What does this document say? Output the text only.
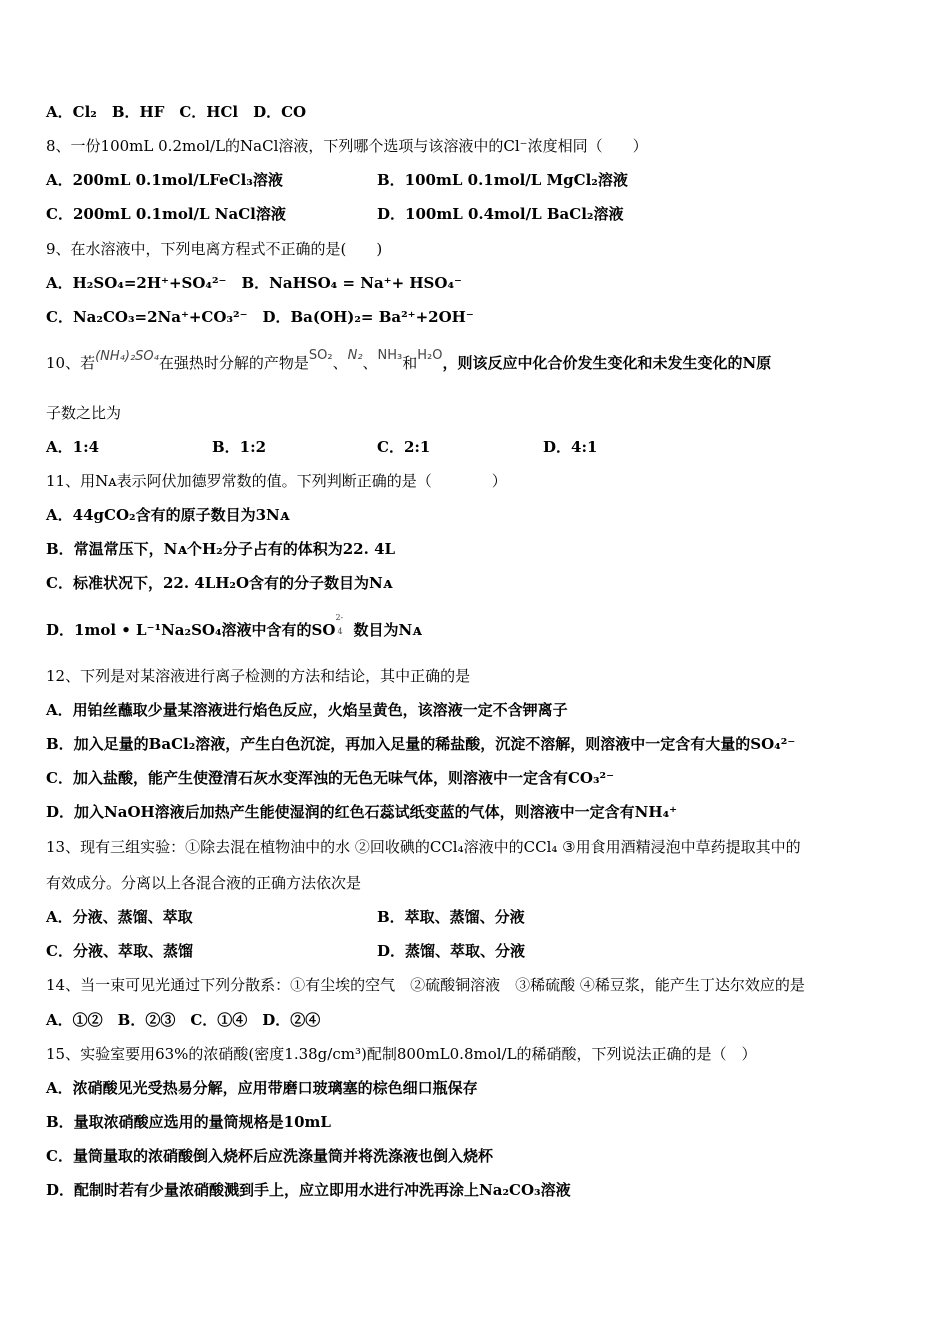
A．Cl₂　B．HF　C．HCl　D．CO
8、一份100mL 0.2mol/L的NaCl溶液，下列哪个选项与该溶液中的Cl⁻浓度相同（　　）
A．200mL 0.1mol/LFeCl₃溶液	B．100mL 0.1mol/L MgCl₂溶液
C．200mL 0.1mol/L NaCl溶液	D．100mL 0.4mol/L BaCl₂溶液
9、在水溶液中，下列电离方程式不正确的是(　　)
A．H₂SO₄=2H⁺+SO₄²⁻　B．NaHSO₄ = Na⁺+ HSO₄⁻
C．Na₂CO₃=2Na⁺+CO₃²⁻　D．Ba(OH)₂= Ba²⁺+2OH⁻
10、若(NH₄)₂SO₄在强热时分解的产物是SO₂、N₂、NH₃和H₂O，则该反应中化合价发生变化和未发生变化的N原
子数之比为
A．1:4	B．1:2	C．2:1	D．4:1
11、用Nᴀ表示阿伏加德罗常数的值。下列判断正确的是（　　　　）
A．44gCO₂含有的原子数目为3Nᴀ
B．常温常压下，Nᴀ个H₂分子占有的体积为22. 4L
C．标准状况下，22. 4LH₂O含有的分子数目为Nᴀ
D．1mol • L⁻¹Na₂SO₄溶液中含有的SO
2-
4 数目为Nᴀ
12、下列是对某溶液进行离子检测的方法和结论，其中正确的是
A．用铂丝蘸取少量某溶液进行焰色反应，火焰呈黄色，该溶液一定不含钾离子
B．加入足量的BaCl₂溶液，产生白色沉淀，再加入足量的稀盐酸，沉淀不溶解，则溶液中一定含有大量的SO₄²⁻
C．加入盐酸，能产生使澄清石灰水变浑浊的无色无味气体，则溶液中一定含有CO₃²⁻
D．加入NaOH溶液后加热产生能使湿润的红色石蕊试纸变蓝的气体，则溶液中一定含有NH₄⁺
13、现有三组实验：①除去混在植物油中的水 ②回收碘的CCl₄溶液中的CCl₄ ③用食用酒精浸泡中草药提取其中的
有效成分。分离以上各混合液的正确方法依次是
A．分液、蒸馏、萃取	B．萃取、蒸馏、分液
C．分液、萃取、蒸馏	D．蒸馏、萃取、分液
14、当一束可见光通过下列分散系：①有尘埃的空气　②硫酸铜溶液　③稀硫酸 ④稀豆浆，能产生丁达尔效应的是
A．①②　B．②③　C．①④　D．②④
15、实验室要用63%的浓硝酸(密度1.38g/cm³)配制800mL0.8mol/L的稀硝酸，下列说法正确的是（　）
A．浓硝酸见光受热易分解，应用带磨口玻璃塞的棕色细口瓶保存
B．量取浓硝酸应选用的量筒规格是10mL
C．量筒量取的浓硝酸倒入烧杯后应洗涤量筒并将洗涤液也倒入烧杯
D．配制时若有少量浓硝酸溅到手上，应立即用水进行冲洗再涂上Na₂CO₃溶液
